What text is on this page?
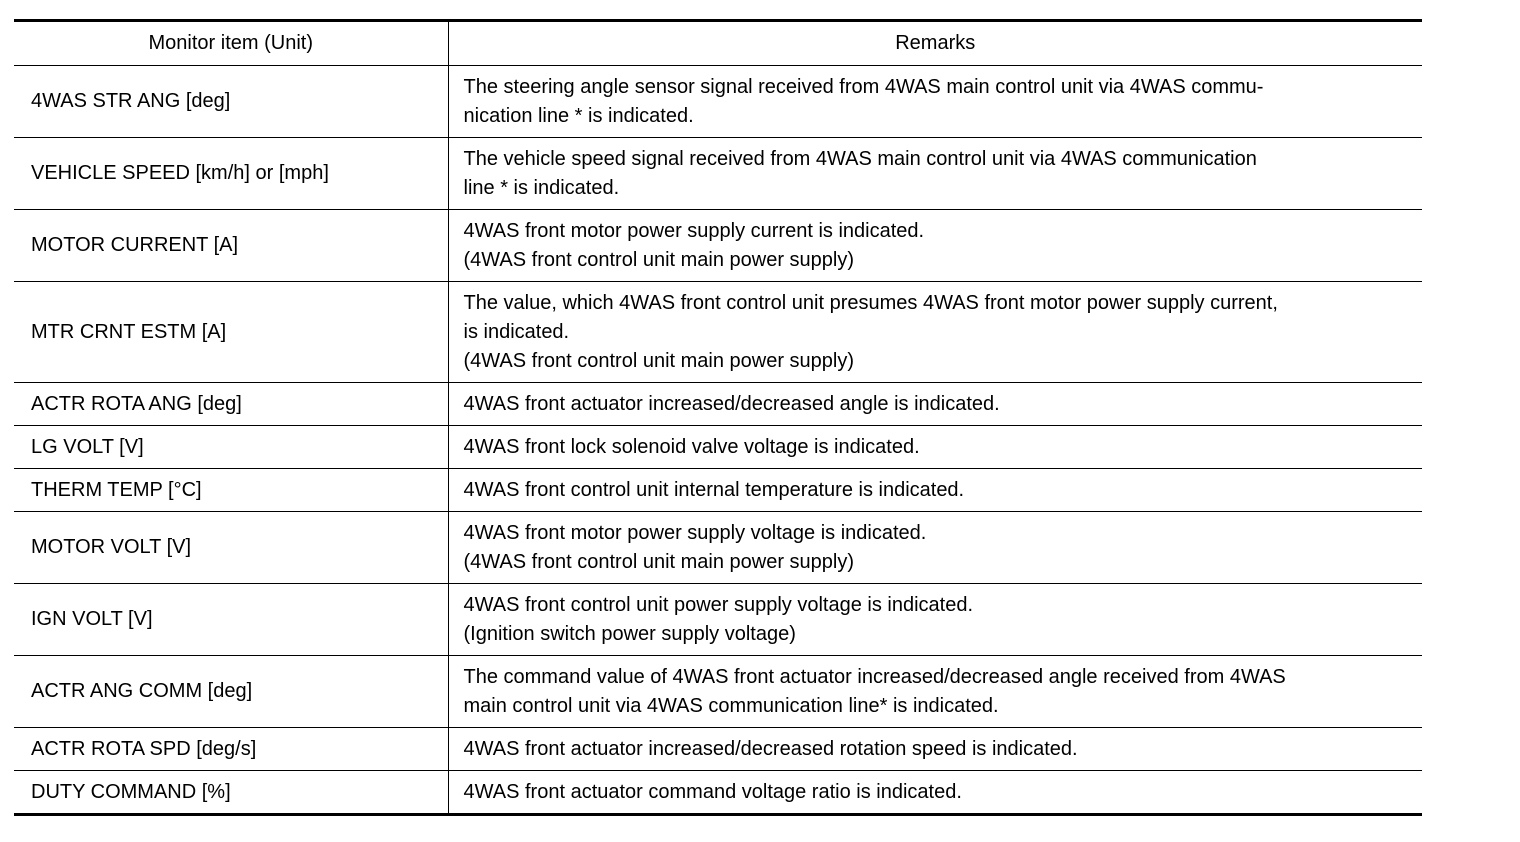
Monitor item (Unit)	Remarks
4WAS STR ANG [deg]	The steering angle sensor signal received from 4WAS main control unit via 4WAS commu-
nication line * is indicated.

VEHICLE SPEED [km/h] or [mph]	The vehicle speed signal received from 4WAS main control unit via 4WAS communication
line * is indicated.

MOTOR CURRENT [A]	4WAS front motor power supply current is indicated.
(4WAS front control unit main power supply)

MTR CRNT ESTM [A]	The value, which 4WAS front control unit presumes 4WAS front motor power supply current,
is indicated.
(4WAS front control unit main power supply)

ACTR ROTA ANG [deg]	4WAS front actuator increased/decreased angle is indicated.

LG VOLT [V]	4WAS front lock solenoid valve voltage is indicated.

THERM TEMP [°C]	4WAS front control unit internal temperature is indicated.

MOTOR VOLT [V]	4WAS front motor power supply voltage is indicated.
(4WAS front control unit main power supply)

IGN VOLT [V]	4WAS front control unit power supply voltage is indicated.
(Ignition switch power supply voltage)

ACTR ANG COMM [deg]	The command value of 4WAS front actuator increased/decreased angle received from 4WAS
main control unit via 4WAS communication line* is indicated.

ACTR ROTA SPD [deg/s]	4WAS front actuator increased/decreased rotation speed is indicated.

DUTY COMMAND [%]	4WAS front actuator command voltage ratio is indicated.
